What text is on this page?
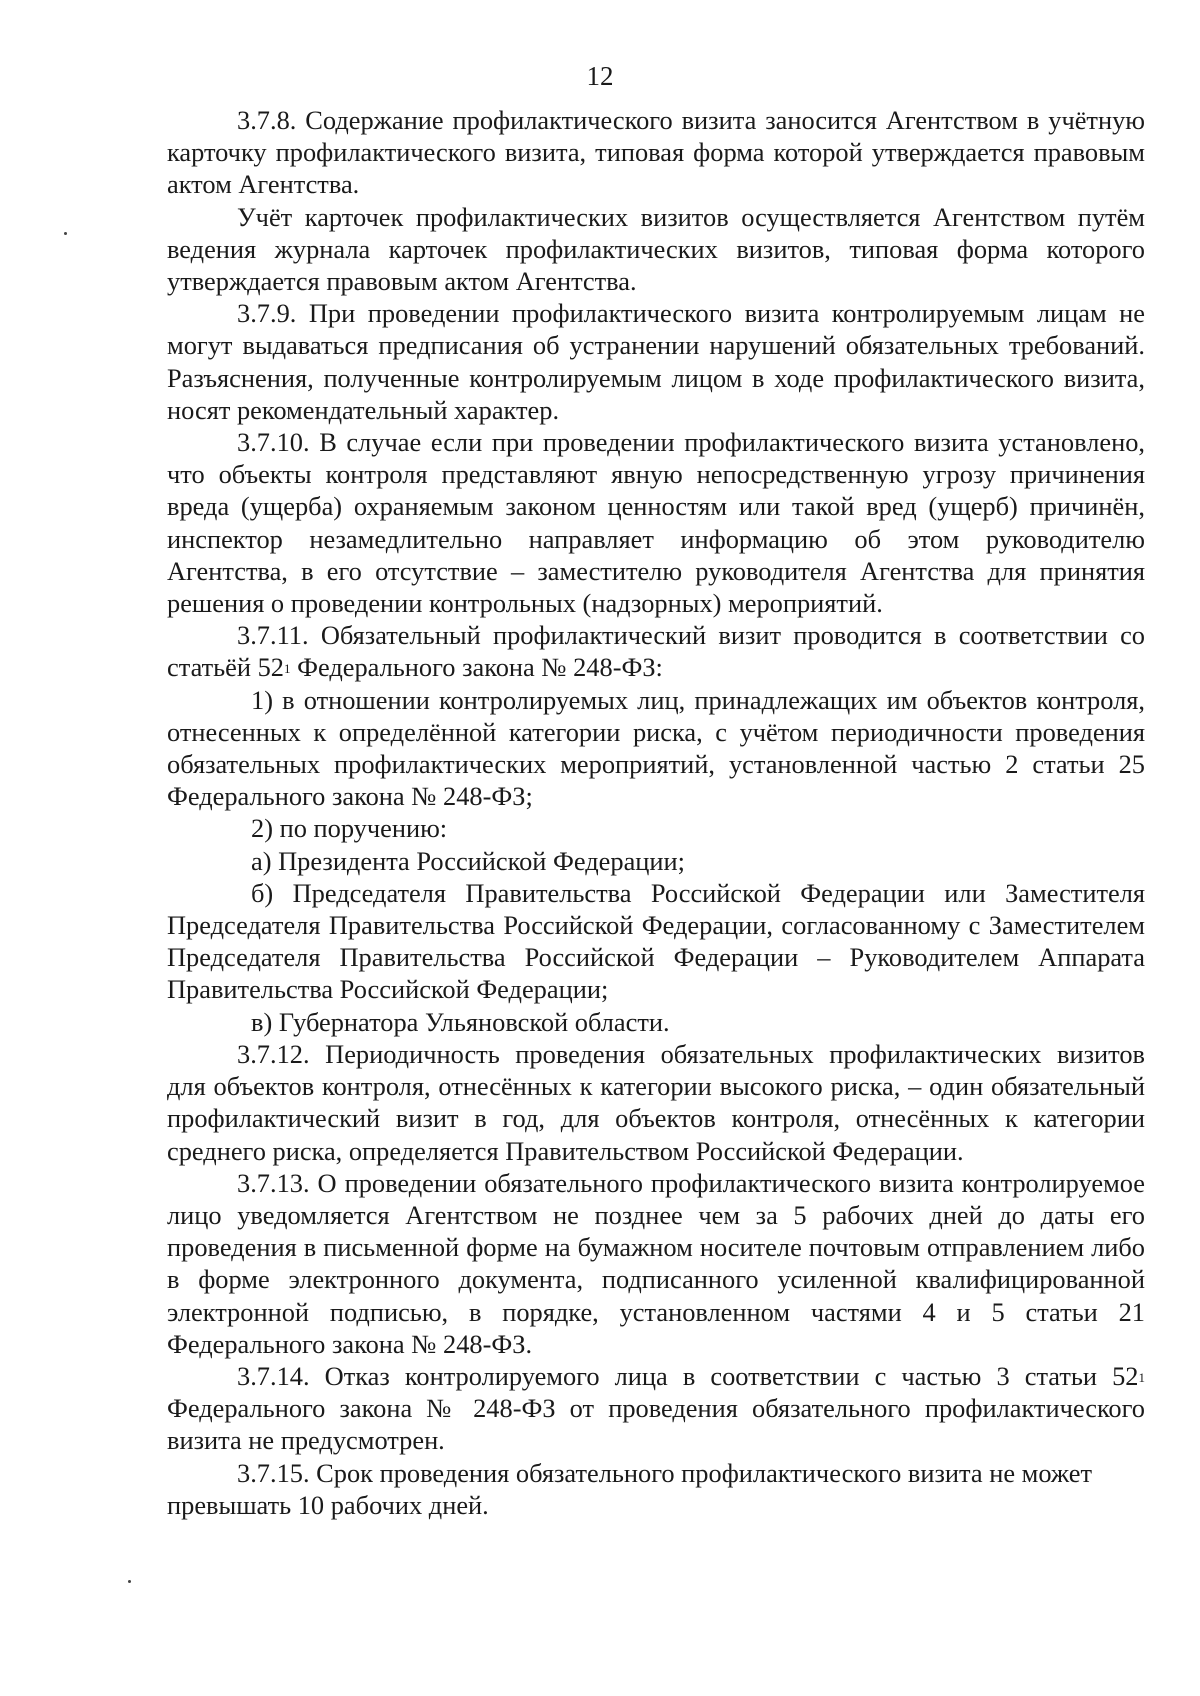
12

3.7.8. Содержание профилактического визита заносится Агентством в учётную карточку профилактического визита, типовая форма которой утверждается правовым актом Агентства.

Учёт карточек профилактических визитов осуществляется Агентством путём ведения журнала карточек профилактических визитов, типовая форма которого утверждается правовым актом Агентства.

3.7.9. При проведении профилактического визита контролируемым лицам не могут выдаваться предписания об устранении нарушений обязательных требований. Разъяснения, полученные контролируемым лицом в ходе профилактического визита, носят рекомендательный характер.

3.7.10. В случае если при проведении профилактического визита установлено, что объекты контроля представляют явную непосредственную угрозу причинения вреда (ущерба) охраняемым законом ценностям или такой вред (ущерб) причинён, инспектор незамедлительно направляет информацию об этом руководителю Агентства, в его отсутствие – заместителю руководителя Агентства для принятия решения о проведении контрольных (надзорных) мероприятий.

3.7.11. Обязательный профилактический визит проводится в соответствии со статьёй $52^1$ Федерального закона № 248-ФЗ:

1) в отношении контролируемых лиц, принадлежащих им объектов контроля, отнесенных к определённой категории риска, с учётом периодичности проведения обязательных профилактических мероприятий, установленной частью 2 статьи 25 Федерального закона № 248-ФЗ;

2) по поручению:

а) Президента Российской Федерации;

б) Председателя Правительства Российской Федерации или Заместителя Председателя Правительства Российской Федерации, согласованному с Заместителем Председателя Правительства Российской Федерации – Руководителем Аппарата Правительства Российской Федерации;

в) Губернатора Ульяновской области.

3.7.12. Периодичность проведения обязательных профилактических визитов для объектов контроля, отнесённых к категории высокого риска, – один обязательный профилактический визит в год, для объектов контроля, отнесённых к категории среднего риска, определяется Правительством Российской Федерации.

3.7.13. О проведении обязательного профилактического визита контролируемое лицо уведомляется Агентством не позднее чем за 5 рабочих дней до даты его проведения в письменной форме на бумажном носителе почтовым отправлением либо в форме электронного документа, подписанного усиленной квалифицированной электронной подписью, в порядке, установленном частями 4 и 5 статьи 21 Федерального закона № 248-ФЗ.

3.7.14. Отказ контролируемого лица в соответствии с частью 3 статьи $52^1$ Федерального закона № 248-ФЗ от проведения обязательного профилактического визита не предусмотрен.

3.7.15. Срок проведения обязательного профилактического визита не может превышать 10 рабочих дней.
